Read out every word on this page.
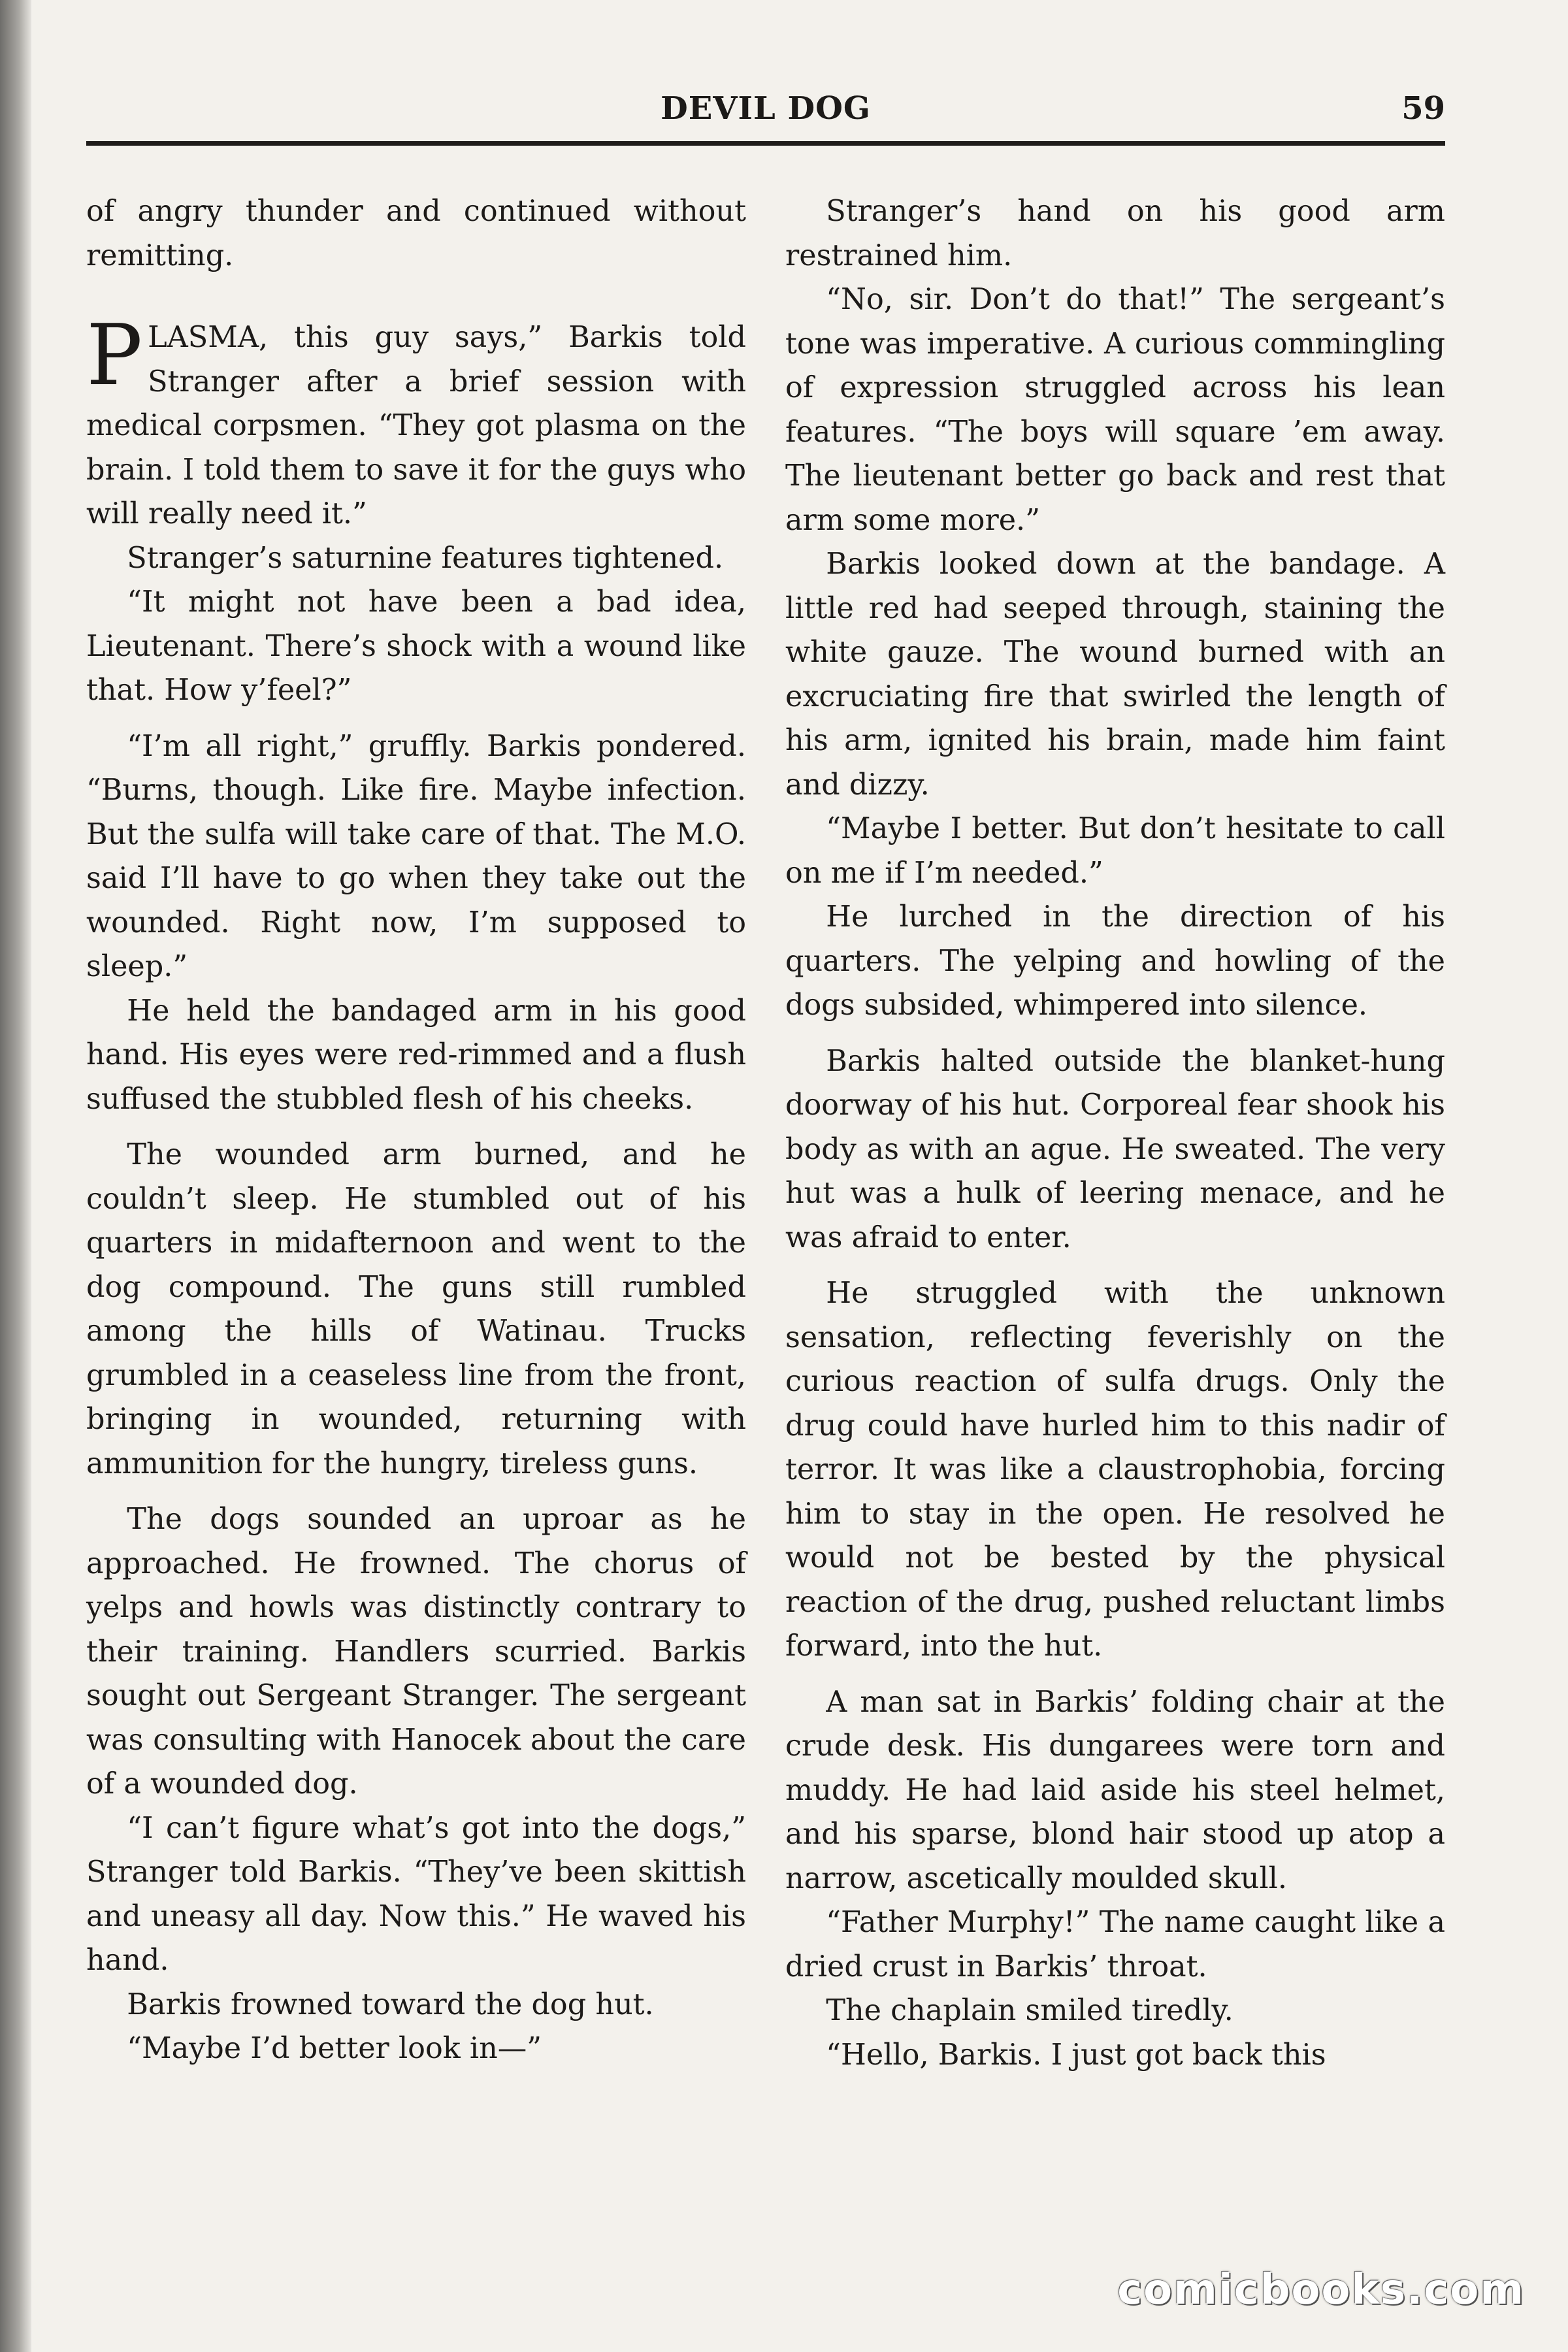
DEVIL DOG	59

of angry thunder and continued without remitting.

PLASMA, this guy says,” Barkis told Stranger after a brief session with medical corpsmen. “They got plasma on the brain. I told them to save it for the guys who will really need it.”

Stranger’s saturnine features tightened.

“It might not have been a bad idea, Lieutenant. There’s shock with a wound like that. How y’feel?”

“I’m all right,” gruffly. Barkis pondered. “Burns, though. Like fire. Maybe infection. But the sulfa will take care of that. The M.O. said I’ll have to go when they take out the wounded. Right now, I’m supposed to sleep.”

He held the bandaged arm in his good hand. His eyes were red-rimmed and a flush suffused the stubbled flesh of his cheeks.

The wounded arm burned, and he couldn’t sleep. He stumbled out of his quarters in midafternoon and went to the dog compound. The guns still rumbled among the hills of Watinau. Trucks grumbled in a ceaseless line from the front, bringing in wounded, returning with ammunition for the hungry, tireless guns.

The dogs sounded an uproar as he approached. He frowned. The chorus of yelps and howls was distinctly contrary to their training. Handlers scurried. Barkis sought out Sergeant Stranger. The sergeant was consulting with Hanocek about the care of a wounded dog.

“I can’t figure what’s got into the dogs,” Stranger told Barkis. “They’ve been skittish and uneasy all day. Now this.” He waved his hand.

Barkis frowned toward the dog hut.

“Maybe I’d better look in—”

Stranger’s hand on his good arm restrained him.

“No, sir. Don’t do that!” The sergeant’s tone was imperative. A curious commingling of expression struggled across his lean features. “The boys will square ’em away. The lieutenant better go back and rest that arm some more.”

Barkis looked down at the bandage. A little red had seeped through, staining the white gauze. The wound burned with an excruciating fire that swirled the length of his arm, ignited his brain, made him faint and dizzy.

“Maybe I better. But don’t hesitate to call on me if I’m needed.”

He lurched in the direction of his quarters. The yelping and howling of the dogs subsided, whimpered into silence.

Barkis halted outside the blanket-hung doorway of his hut. Corporeal fear shook his body as with an ague. He sweated. The very hut was a hulk of leering menace, and he was afraid to enter.

He struggled with the unknown sensation, reflecting feverishly on the curious reaction of sulfa drugs. Only the drug could have hurled him to this nadir of terror. It was like a claustrophobia, forcing him to stay in the open. He resolved he would not be bested by the physical reaction of the drug, pushed reluctant limbs forward, into the hut.

A man sat in Barkis’ folding chair at the crude desk. His dungarees were torn and muddy. He had laid aside his steel helmet, and his sparse, blond hair stood up atop a narrow, ascetically moulded skull.

“Father Murphy!” The name caught like a dried crust in Barkis’ throat.

The chaplain smiled tiredly.

“Hello, Barkis. I just got back this

comicbooks.com
